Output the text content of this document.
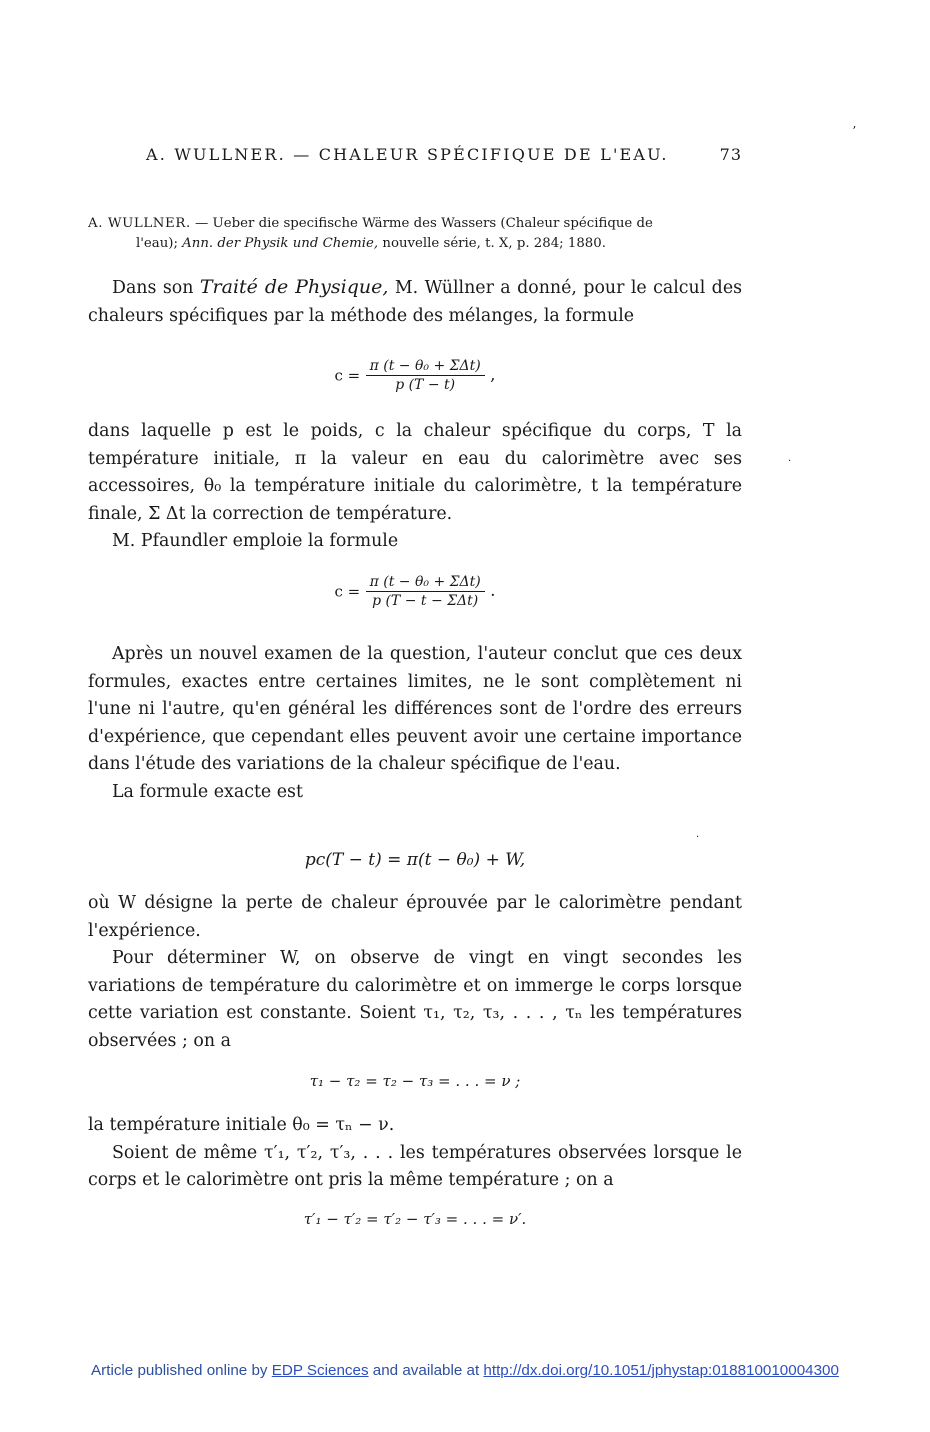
A. WULLNER. — CHALEUR SPÉCIFIQUE DE L'EAU.	73
ʼ
·
·
A. WULLNER. — Ueber die specifische Wärme des Wassers (Chaleur spécifique de
l'eau); Ann. der Physik und Chemie, nouvelle série, t. X, p. 284; 1880.

Dans son Traité de Physique, M. Wüllner a donné, pour le calcul des chaleurs spécifiques par la méthode des mélanges, la formule

$c = \frac{\text{π (t − θ₀ + ΣΔt)}}{p (T - t)}$ ,

dans laquelle p est le poids, c la chaleur spécifique du corps, T la température initiale, π la valeur en eau du calorimètre avec ses accessoires, θ₀ la température initiale du calorimètre, t la température finale, Σ Δt la correction de température.

M. Pfaundler emploie la formule

$c = \frac{\text{π (t − θ₀ + ΣΔt)}}{\text{p (T − t − ΣΔt)}}$ .

Après un nouvel examen de la question, l'auteur conclut que ces deux formules, exactes entre certaines limites, ne le sont complètement ni l'une ni l'autre, qu'en général les différences sont de l'ordre des erreurs d'expérience, que cependant elles peuvent avoir une certaine importance dans l'étude des variations de la chaleur spécifique de l'eau.

La formule exacte est

pc(T − t) = π(t − θ₀) + W,

où W désigne la perte de chaleur éprouvée par le calorimètre pendant l'expérience.

Pour déterminer W, on observe de vingt en vingt secondes les variations de température du calorimètre et on immerge le corps lorsque cette variation est constante. Soient τ₁, τ₂, τ₃, . . . , τₙ les températures observées ; on a

τ₁ − τ₂ = τ₂ − τ₃ = . . . = ν ;

la température initiale θ₀ = τₙ − ν.

Soient de même τ′₁, τ′₂, τ′₃, . . . les températures observées lorsque le corps et le calorimètre ont pris la même température ; on a

τ′₁ − τ′₂ = τ′₂ − τ′₃ = . . . = ν′.
Article published online by EDP Sciences and available at http://dx.doi.org/10.1051/jphystap:018810010004300
